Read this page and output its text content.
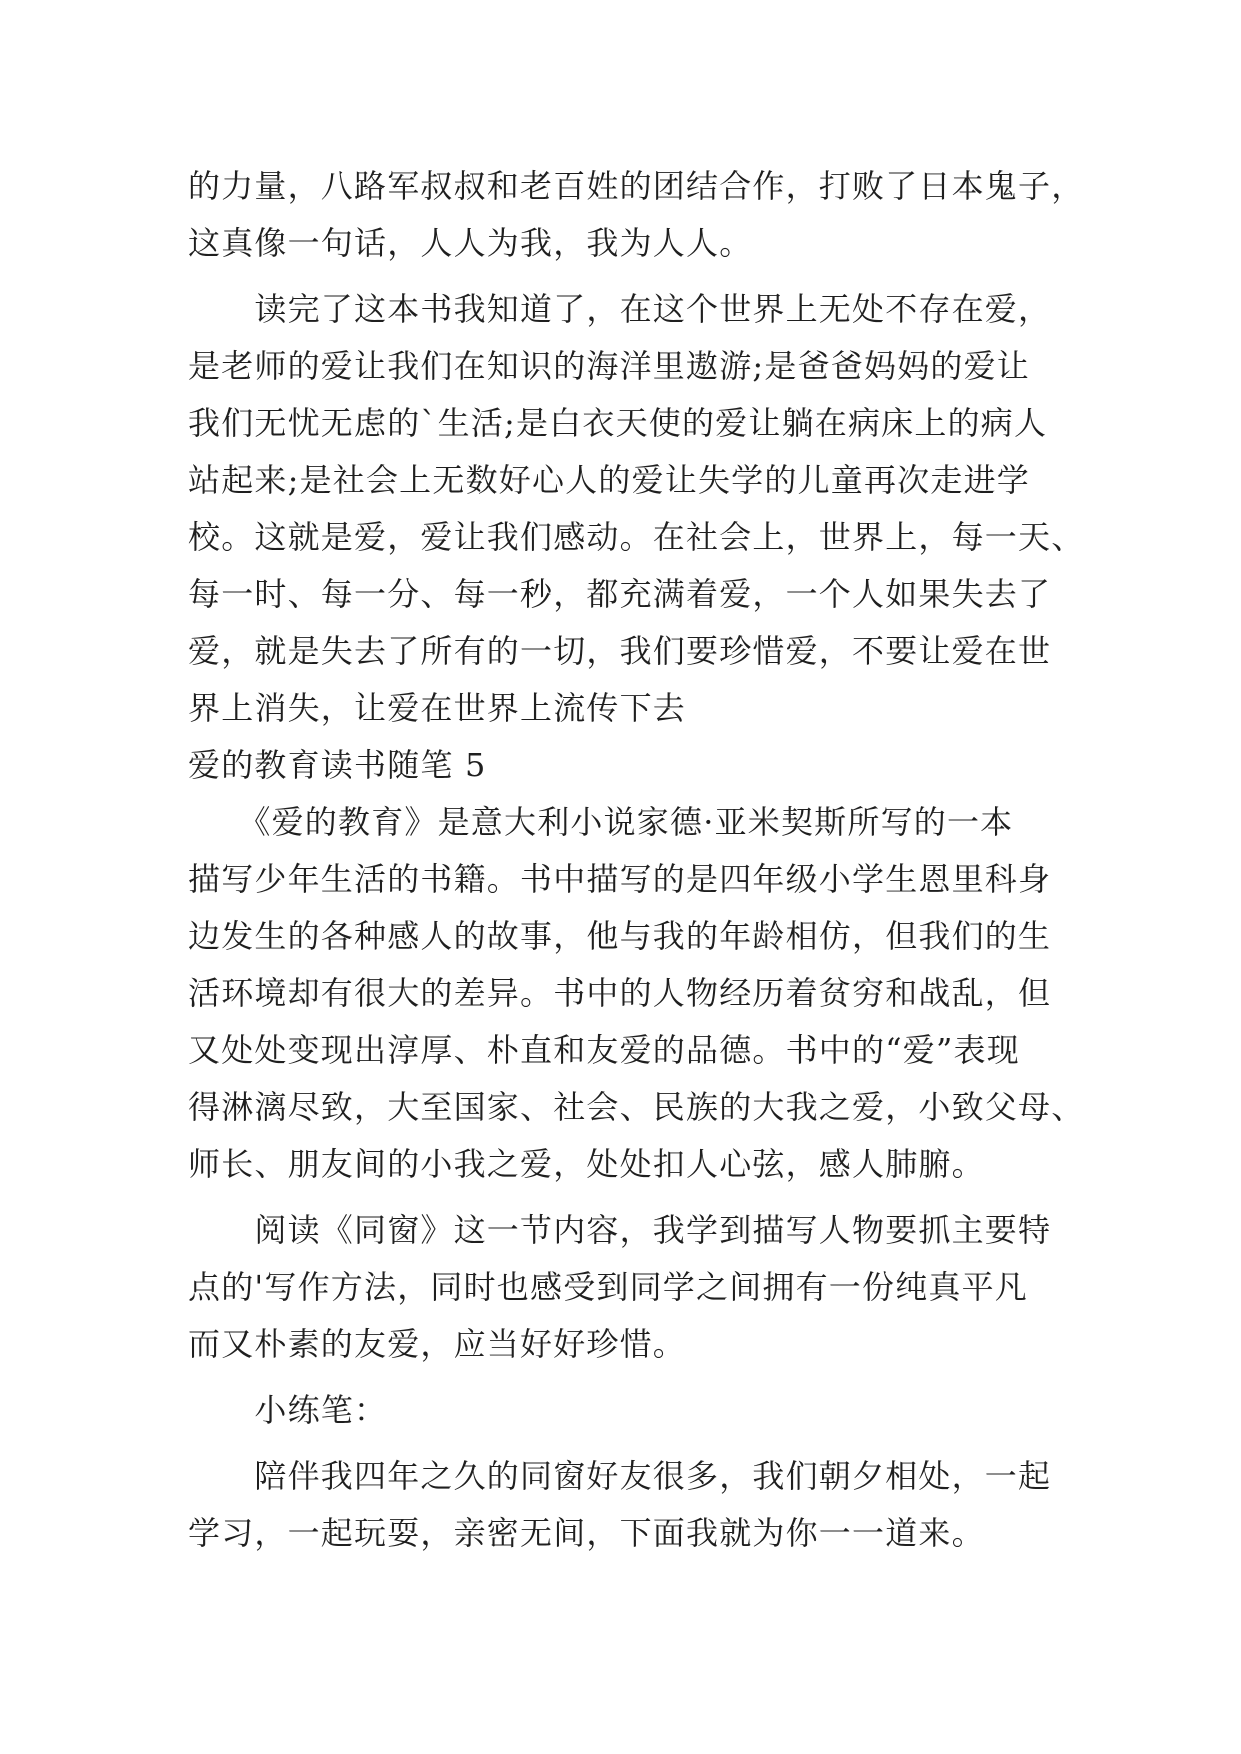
的力量，八路军叔叔和老百姓的团结合作，打败了日本鬼子，
这真像一句话，人人为我，我为人人。
　　读完了这本书我知道了，在这个世界上无处不存在爱，
是老师的爱让我们在知识的海洋里遨游;是爸爸妈妈的爱让
我们无忧无虑的`生活;是白衣天使的爱让躺在病床上的病人
站起来;是社会上无数好心人的爱让失学的儿童再次走进学
校。这就是爱，爱让我们感动。在社会上，世界上，每一天、
每一时、每一分、每一秒，都充满着爱，一个人如果失去了
爱，就是失去了所有的一切，我们要珍惜爱，不要让爱在世
界上消失，让爱在世界上流传下去
爱的教育读书随笔 5
　　《爱的教育》是意大利小说家德·亚米契斯所写的一本
描写少年生活的书籍。书中描写的是四年级小学生恩里科身
边发生的各种感人的故事，他与我的年龄相仿，但我们的生
活环境却有很大的差异。书中的人物经历着贫穷和战乱，但
又处处变现出淳厚、朴直和友爱的品德。书中的“爱”表现
得淋漓尽致，大至国家、社会、民族的大我之爱，小致父母、
师长、朋友间的小我之爱，处处扣人心弦，感人肺腑。
　　阅读《同窗》这一节内容，我学到描写人物要抓主要特
点的'写作方法，同时也感受到同学之间拥有一份纯真平凡
而又朴素的友爱，应当好好珍惜。
　　小练笔：
　　陪伴我四年之久的同窗好友很多，我们朝夕相处，一起
学习，一起玩耍，亲密无间，下面我就为你一一道来。
